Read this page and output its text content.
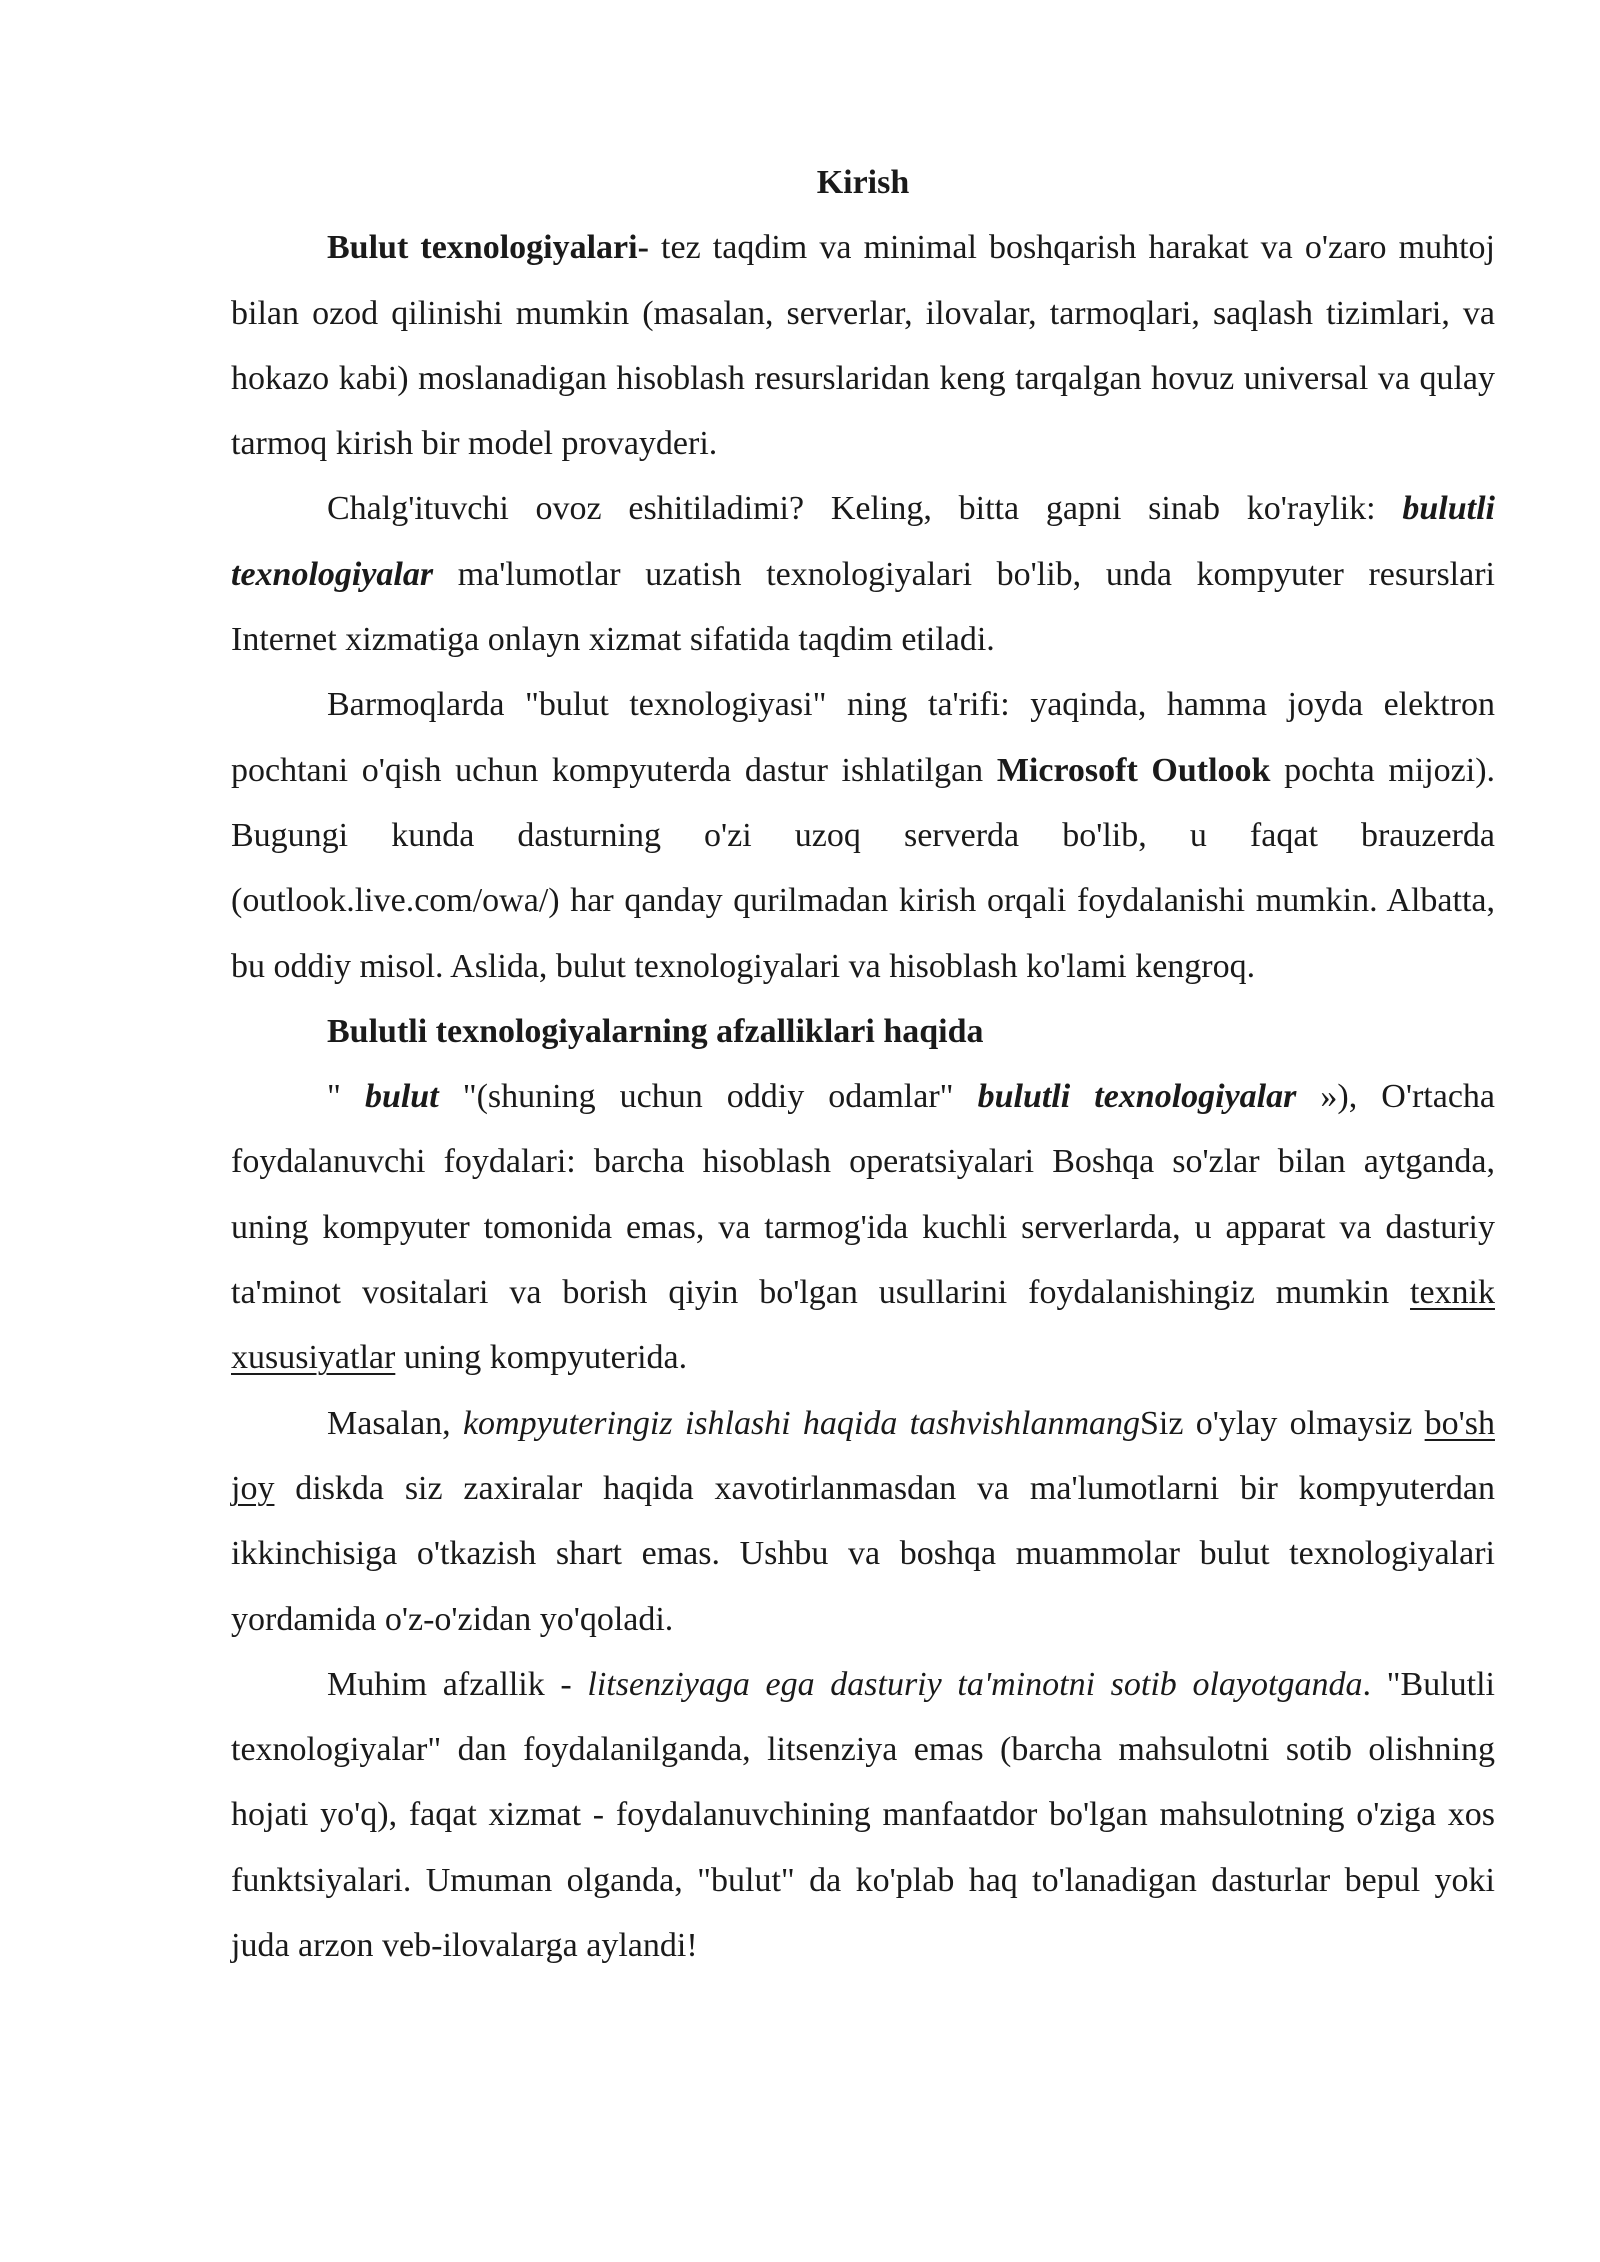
Kirish

Bulut texnologiyalari- tez taqdim va minimal boshqarish harakat va o'zaro muhtoj bilan ozod qilinishi mumkin (masalan, serverlar, ilovalar, tarmoqlari, saqlash tizimlari, va hokazo kabi) moslanadigan hisoblash resurslaridan keng tarqalgan hovuz universal va qulay tarmoq kirish bir model provayderi.

Chalg'ituvchi ovoz eshitiladimi? Keling, bitta gapni sinab ko'raylik: bulutli texnologiyalar ma'lumotlar uzatish texnologiyalari bo'lib, unda kompyuter resurslari Internet xizmatiga onlayn xizmat sifatida taqdim etiladi.

Barmoqlarda "bulut texnologiyasi" ning ta'rifi: yaqinda, hamma joyda elektron pochtani o'qish uchun kompyuterda dastur ishlatilgan Microsoft Outlook pochta mijozi). Bugungi kunda dasturning o'zi uzoq serverda bo'lib, u faqat brauzerda (outlook.live.com/owa/) har qanday qurilmadan kirish orqali foydalanishi mumkin. Albatta, bu oddiy misol. Aslida, bulut texnologiyalari va hisoblash ko'lami kengroq.

Bulutli texnologiyalarning afzalliklari haqida

" bulut "(shuning uchun oddiy odamlar" bulutli texnologiyalar »), O'rtacha foydalanuvchi foydalari: barcha hisoblash operatsiyalari Boshqa so'zlar bilan aytganda, uning kompyuter tomonida emas, va tarmog'ida kuchli serverlarda, u apparat va dasturiy ta'minot vositalari va borish qiyin bo'lgan usullarini foydalanishingiz mumkin texnik xususiyatlar uning kompyuterida.

Masalan, kompyuteringiz ishlashi haqida tashvishlanmangSiz o'ylay olmaysiz bo'sh joy diskda siz zaxiralar haqida xavotirlanmasdan va ma'lumotlarni bir kompyuterdan ikkinchisiga o'tkazish shart emas. Ushbu va boshqa muammolar bulut texnologiyalari yordamida o'z-o'zidan yo'qoladi.

Muhim afzallik - litsenziyaga ega dasturiy ta'minotni sotib olayotganda. "Bulutli texnologiyalar" dan foydalanilganda, litsenziya emas (barcha mahsulotni sotib olishning hojati yo'q), faqat xizmat - foydalanuvchining manfaatdor bo'lgan mahsulotning o'ziga xos funktsiyalari. Umuman olganda, "bulut" da ko'plab haq to'lanadigan dasturlar bepul yoki juda arzon veb-ilovalarga aylandi!
